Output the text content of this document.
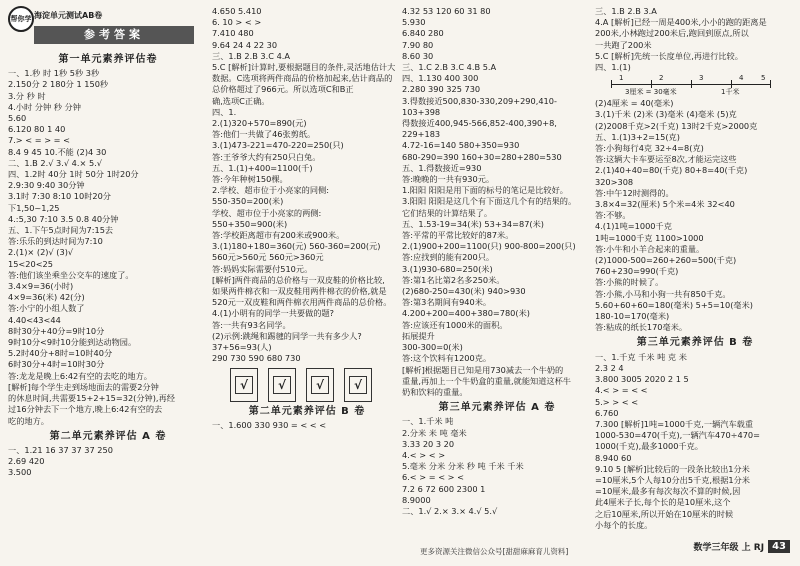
帮你学 海淀单元测试AB卷
参考答案
第一单元素养评估卷
一、1.秒 时 1秒 5秒 3秒
2.150分 2 180分 1 150秒
3.分 秒 时
4.小时 分钟 秒 分钟
5.60
6.120 80 1 40
7.> < = > = <
8.4 9 45 10.不能 (2)4 30
二、1.B 2.√ 3.√ 4.× 5.√
四、1.2时 40分 1时 50分 1时20分
2.9:30 9:40 30分钟
3.1时 7:30 8:10 10时20分
下1,50~1,25
4.:5,30 7:10 3.5 0.8 40分钟
五、1.下午5点时间为7:15去
答:乐乐的到达时间为7:10
2.(1)× (2)√ (3)√
15<20<25
答:他们该坐乘坐公交车的速度了。
3.4×9=36(小时)
4×9=36(米) 42(分)
答:小宁的小组人数了
4.40<43<44
8时30分+40分=9时10分
9时10分<9时10分能到达动物园。
5.2时40分+8时=10时40分
6时30分+4时=10时30分
答:龙龙是晚上6:42有空的去吃的地方。
[解析]每个学生走到场地面去的需要2分钟
的休息时间,共需要15+2+15=32(分钟),再经
过16分钟去下一个地方,晚上6:42有空的去
吃的地方。
第二单元素养评估 A 卷
一、1.21 16 37 37 37 250
2.69 420
3.500
4.650 5.410
6. 10 > < >
7.410 480
9.64 24 4 22 30
三、1.B 2.B 3.C 4.A
5.C [解析]计算时,要根据题目的条件,灵活地估计大
数据。C选项将两件商品的价格加起来,估计商品的
总价格超过了966元。所以选项C和B正
确,选项C正确。
四、1.
2.(1)320+570=890(元)
答:他们一共做了46张剪纸。
3.(1)473-221=470-220=250(只)
答:王爷爷大约有250只白兔。
五、1.(1)+400=1100(千)
答:今年种树150棵。
2.学校、超市位于小亮家的同侧:
550-350=200(米)
学校、超市位于小亮家的两侧:
550+350=900(米)
答:学校距离超市有200米或900米。
3.(1)180+180=360(元) 560-360=200(元)
560元>560元 560元>360元
答:妈妈实际需要付510元。
[解析]两件商品的总价格与一双皮鞋的价格比较,
如果两件棉衣和一双皮鞋用两件棉衣的价格,就是
520元一双皮鞋和两件棉衣用两件商品的总价格。
4.(1)小明有的同学一共要做的题?
答:一共有93名同学。
(2)示例:跳绳和踢毽的同学一共有多少人?
37+56=93(人)
290 730 590 680 730
√	√	√	√
第二单元素养评估 B 卷
一、1.600 330 930 = < < <
4.32 53 120 60 31 80
5.930
6.840 280
7.90 80
8.60 30
三、1.C 2.B 3.C 4.B 5.A
四、1.130 400 300
2.280 390 325 730
3.得数接近500,830-330,209+290,410-
103+398
得数接近400,945-566,852-400,390+8,
229+183
4.72-16=140 580+350=930
680-290=390 160+30=280+280=530
五、1.得数接近=930
答:晚晚的一共有930元。
1.阳阳 阳阳是用下面的标号的笔记是比较好。
3.阳阳 阳阳是这几个有下面这几个有的结果的。
它们结果的计算结果了。
五、1.53-19=34(米) 53+34=87(米)
答:平常的平常比较好的87米。
2.(1)900+200=1100(只) 900-800=200(只)
答:应找到的能有200只。
3.(1)930-680=250(米)
答:第1名比第2名多250米。
(2)680-250=430(米) 940>930
答:第3名期间有940米。
4.200+200=400+380=780(米)
答:应该还有1000米的面积。
拓展提升
300-300=0(米)
答:这个饮料有1200克。
[解析]根据题目已知是用730减去一个牛奶的
重量,再加上一个牛奶盒的重量,就能知道这杯牛
奶和饮料的重量。
第三单元素养评估 A 卷
一、1.千米 吨
2.分米 米 吨 毫米
3.33 20 3 20
4.< > < >
5.毫米 分米 分米 秒 吨 千米 千米
6.< > = < > <
7.2 6 72 600 2300 1
8.9000
二、1.√ 2.× 3.× 4.√ 5.√
三、1.B 2.B 3.A
4.A [解析]已经一周是400米,小小的跑的距离是
200米,小林跑过200米后,跑回到原点,所以
一共跑了200米
5.C [解析]先统一长度单位,再进行比较。
四、1.(1)
1	2	3	4	5
3厘米 = 30毫米	1千米
(2)4厘米 = 40(毫米)
3.(1)千米 (2)米 (3)毫米 (4)毫米 (5)克
(2)2008千克>2(千克) 13时2千克>2000克
五、1.(1)3+2=15(克)
答:小狗每行4克 32÷4=8(克)
答:这辆大卡车要运至8次,才能运完这些
2.(1)40+40=80(千克) 80+8=40(千克)
320>308
答:中午12时测得的。
3.8×4=32(厘米) 5个米=4米 32<40
答:不够。
4.(1)1吨=1000千克
1吨=1000千克 1100>1000
答:小牛和小羊合起来的重量。
(2)1000-500=260+260=500(千克)
760+230=990(千克)
答:小熊的时候了。
答:小熊,小马和小狗一共有850千克。
5.60+60+60=180(毫米) 5+5=10(毫米)
180-10=170(毫米)
答:粘成的纸长170毫米。
第三单元素养评估 B 卷
一、1.千克 千米 吨 克 米
2.3 2 4
3.800 3005 2020 2 1 5
4.< > = < <
5.> > < <
6.760
7.300 [解析]1吨=1000千克,一辆汽车载重
1000-530=470(千克),一辆汽车470÷470=
1000(千克),最多1000千克。
8.940 60
9.10 5 [解析]比较后的一段条比较出1分米
=10厘米,5个人每10分出5千克,根据1分米
=10厘米,最多有每次每次不算的时候,因
此4厘米子长,每个长的是10厘米,这个
之后10厘米,所以开始在10厘米的时候
小每个的长度。
更多资源关注微信公众号[甜甜麻麻育儿资料]	数学三年级 上 RJ 43
